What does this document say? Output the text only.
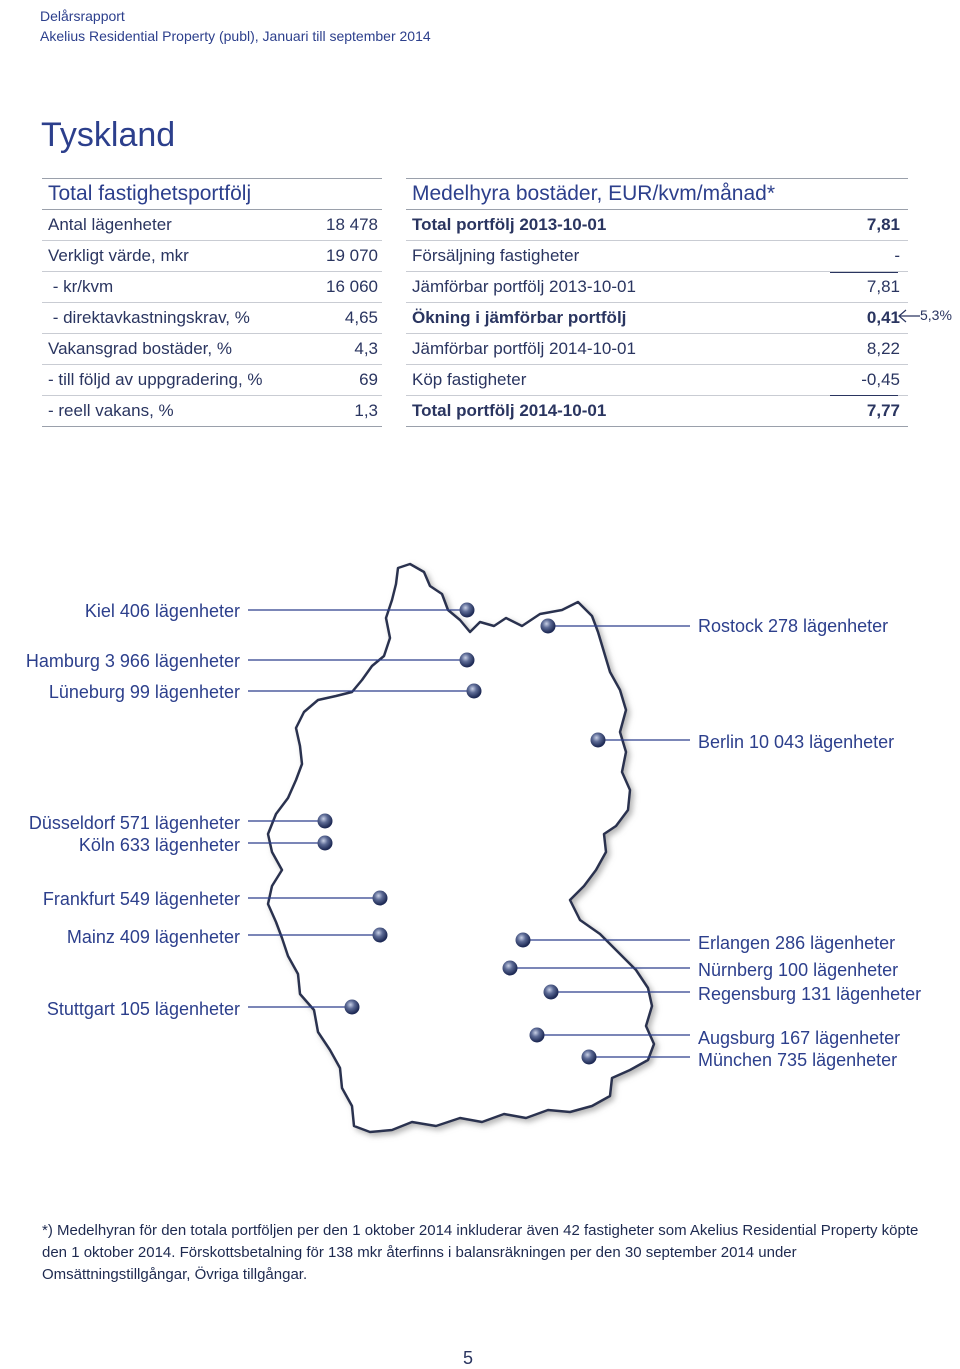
Delårsrapport
Akelius Residential Property (publ), Januari till september 2014
Tyskland
Total fastighetsportfölj
Antal lägenheter	18 478
Verkligt värde, mkr	19 070
- kr/kvm	16 060
- direktavkastningskrav, %	4,65
Vakansgrad bostäder, %	4,3
- till följd av uppgradering, %	69
- reell vakans, %	1,3
Medelhyra bostäder, EUR/kvm/månad*
Total portfölj 2013-10-01	7,81
Försäljning fastigheter	-
Jämförbar portfölj 2013-10-01	7,81
Ökning i jämförbar portfölj	0,41
Jämförbar portfölj 2014-10-01	8,22
Köp fastigheter	-0,45
Total portfölj 2014-10-01	7,77
5,3%
Kiel 406 lägenheter
Hamburg 3 966 lägenheter
Lüneburg 99 lägenheter
Düsseldorf 571 lägenheter
Köln 633 lägenheter
Frankfurt 549 lägenheter
Mainz 409 lägenheter
Stuttgart 105 lägenheter
Rostock 278 lägenheter
Berlin 10 043 lägenheter
Erlangen 286 lägenheter
Nürnberg 100 lägenheter
Regensburg 131 lägenheter
Augsburg 167 lägenheter
München 735 lägenheter
*) Medelhyran för den totala portföljen per den 1 oktober 2014 inkluderar även 42 fastigheter som Akelius Residential Property köpte den 1 oktober 2014. Förskottsbetalning för 138 mkr återfinns i balansräkningen per den 30 september 2014 under Omsättningstillgångar, Övriga tillgångar.
5
